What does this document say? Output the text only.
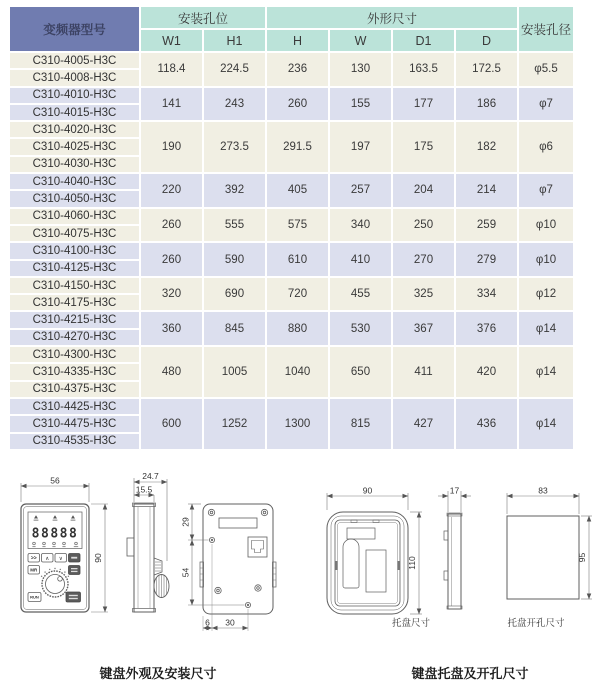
变频器型号	安装孔位		外形尺寸				安装孔径
	W1	H1	H	W	D1	D	
C310-4005-H3C	118.4	224.5	236	130	163.5	172.5	φ5.5
C310-4008-H3C							
C310-4010-H3C	141	243	260	155	177	186	φ7
C310-4015-H3C							
C310-4020-H3C	190	273.5	291.5	197	175	182	φ6
C310-4025-H3C							
C310-4030-H3C							
C310-4040-H3C	220	392	405	257	204	214	φ7
C310-4050-H3C							
C310-4060-H3C	260	555	575	340	250	259	φ10
C310-4075-H3C							
C310-4100-H3C	260	590	610	410	270	279	φ10
C310-4125-H3C							
C310-4150-H3C	320	690	720	455	325	334	φ12
C310-4175-H3C							
C310-4215-H3C	360	845	880	530	367	376	φ14
C310-4270-H3C							
C310-4300-H3C	480	1005	1040	650	411	420	φ14
C310-4335-H3C							
C310-4375-H3C							
C310-4425-H3C	600	1252	1300	815	427	436	φ14
C310-4475-H3C							
C310-4535-H3C							
88888
>> ∧ ∨
MR
RUN
56
90
24.7
15.5
29
54
6 30
90
110
托盘尺寸
17	83
95
托盘开孔尺寸
键盘外观及安装尺寸	键盘托盘及开孔尺寸
